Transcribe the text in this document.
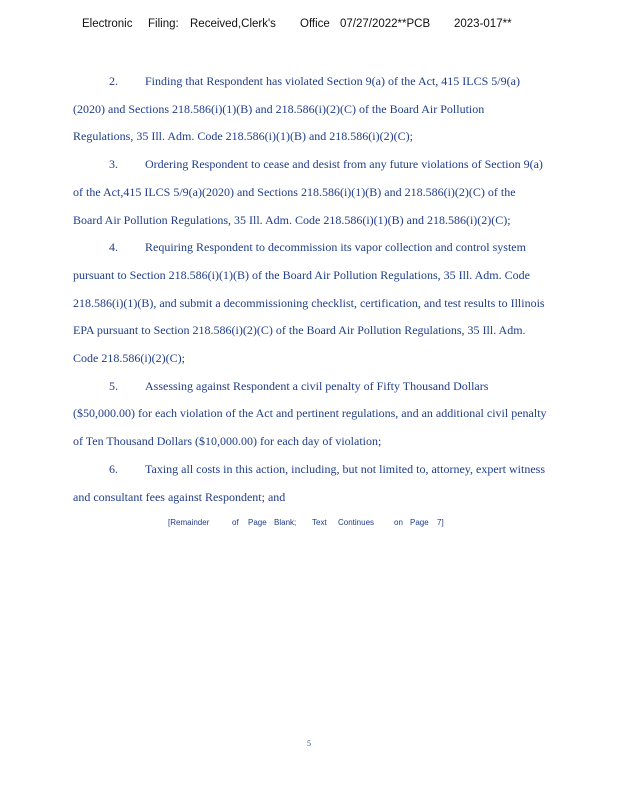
Electronic Filing: Received,Clerk's Office 07/27/2022**PCB 2023-017**

2. Finding that Respondent has violated Section 9(a) of the Act, 415 ILCS 5/9(a)
(2020) and Sections 218.586(i)(1)(B) and 218.586(i)(2)(C) of the Board Air Pollution
Regulations, 35 Ill. Adm. Code 218.586(i)(1)(B) and 218.586(i)(2)(C);

3. Ordering Respondent to cease and desist from any future violations of Section 9(a)
of the Act,415 ILCS 5/9(a)(2020) and Sections 218.586(i)(1)(B) and 218.586(i)(2)(C) of the
Board Air Pollution Regulations, 35 Ill. Adm. Code 218.586(i)(1)(B) and 218.586(i)(2)(C);

4. Requiring Respondent to decommission its vapor collection and control system
pursuant to Section 218.586(i)(1)(B) of the Board Air Pollution Regulations, 35 Ill. Adm. Code
218.586(i)(1)(B), and submit a decommissioning checklist, certification, and test results to Illinois
EPA pursuant to Section 218.586(i)(2)(C) of the Board Air Pollution Regulations, 35 Ill. Adm.
Code 218.586(i)(2)(C);

5. Assessing against Respondent a civil penalty of Fifty Thousand Dollars
($50,000.00) for each violation of the Act and pertinent regulations, and an additional civil penalty
of Ten Thousand Dollars ($10,000.00) for each day of violation;

6. Taxing all costs in this action, including, but not limited to, attorney, expert witness
and consultant fees against Respondent; and

[Remainder	of Page Blank; Text Continues on Page 7]
5
